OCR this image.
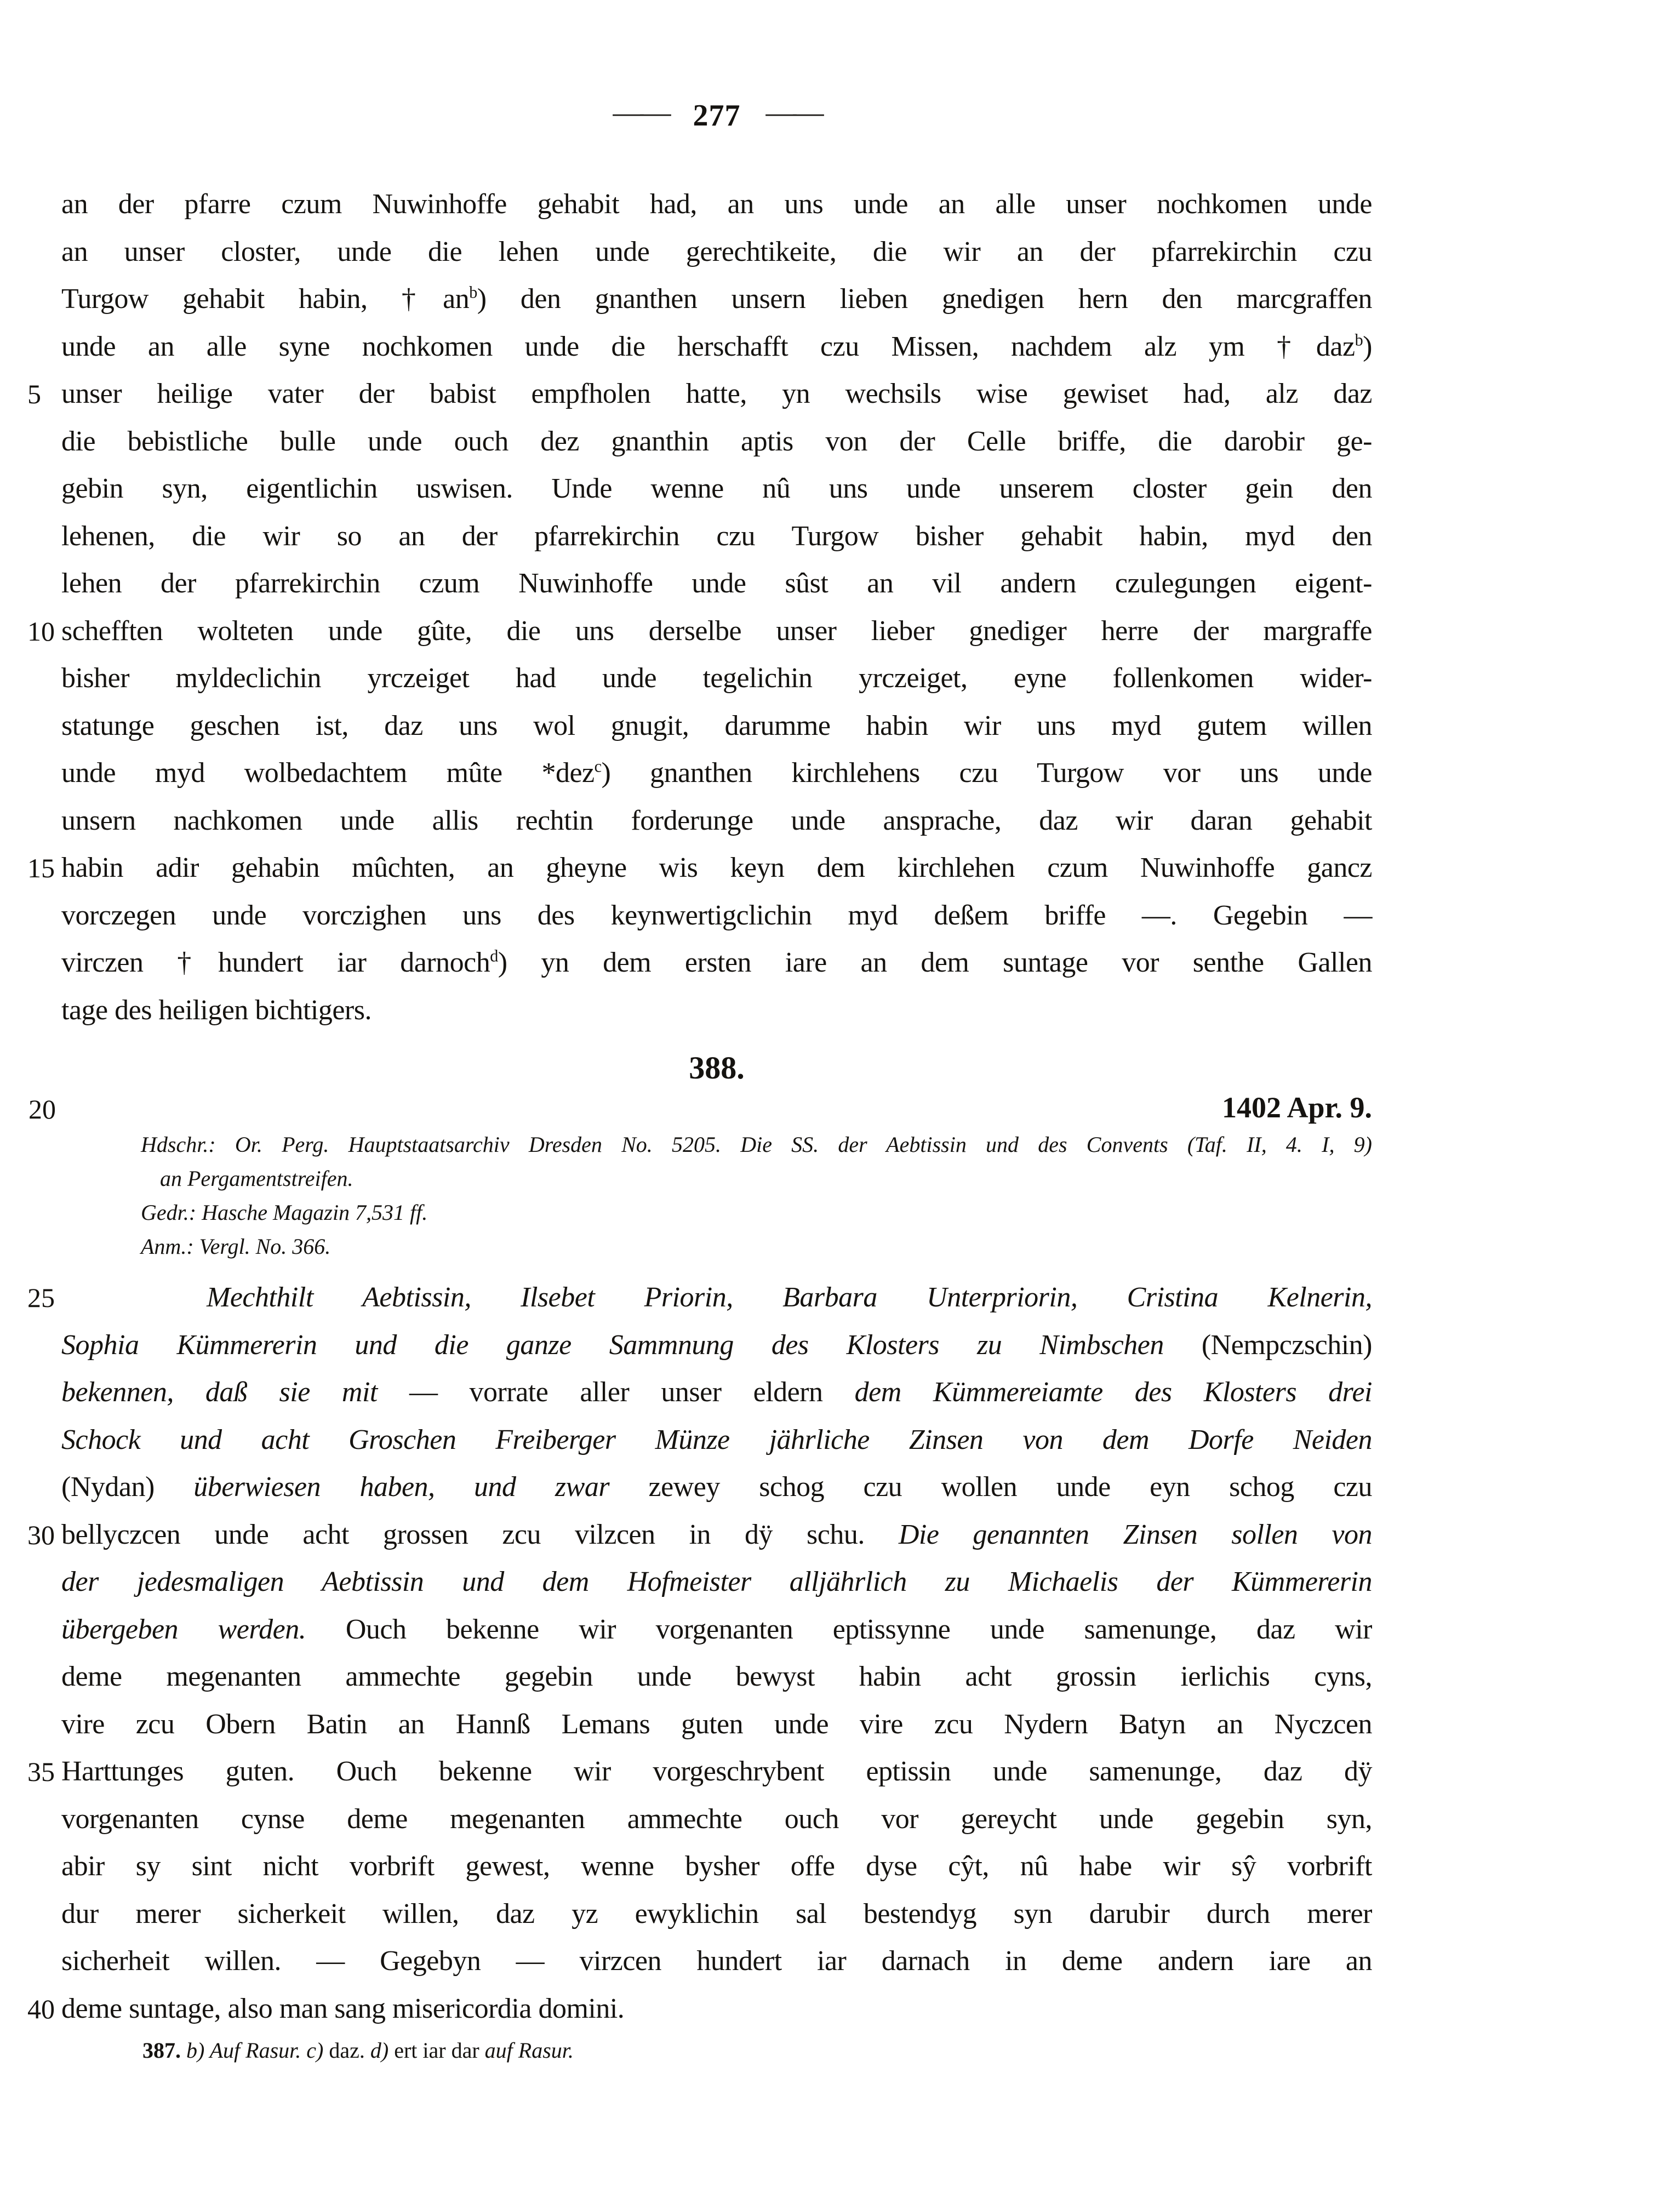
—— 277 ——
an der pfarre czum Nuwinhoffe gehabit had, an uns unde an alle unser nochkomen unde
an unser closter, unde die lehen unde gerechtikeite, die wir an der pfarrekirchin czu
Turgow gehabit habin, $\dagger an^b$) den gnanthen unsern lieben gnedigen hern den marcgraffen
unde an alle syne nochkomen unde die herschafft czu Missen, nachdem alz ym †daz$^b$)
5 unser heilige vater der babist empfholen hatte, yn wechsils wise gewiset had, alz daz
die bebistliche bulle unde ouch dez gnanthin aptis von der Celle briffe, die darobir ge-
gebin syn, eigentlichin uswisen. Unde wenne nû uns unde unserem closter gein den
lehenen, die wir so an der pfarrekirchin czu Turgow bisher gehabit habin, myd den
lehen der pfarrekirchin czum Nuwinhoffe unde sûst an vil andern czulegungen eigent-
10 schefften wolteten unde gûte, die uns derselbe unser lieber gnediger herre der margraffe
bisher myldeclichin yrczeiget had unde tegelichin yrczeiget, eyne follenkomen wider-
statunge geschen ist, daz uns wol gnugit, darumme habin wir uns myd gutem willen
unde myd wolbedachtem mûte *dez$^c$) gnanthen kirchlehens czu Turgow vor uns unde
unsern nachkomen unde allis rechtin forderunge unde ansprache, daz wir daran gehabit
15 habin adir gehabin mûchten, an gheyne wis keyn dem kirchlehen czum Nuwinhoffe gancz
vorczegen unde vorczighen uns des keynwertigclichin myd deßem briffe —. Gegebin —
virczen †hundert iar darnoch$^d$) yn dem ersten iare an dem suntage vor senthe Gallen
tage des heiligen bichtigers.
388.
20	1402 Apr. 9.
Hdschr.: Or. Perg. Hauptstaatsarchiv Dresden No. 5205. Die SS. der Aebtissin und des Convents (Taf. II, 4. I, 9)
an Pergamentstreifen.
Gedr.: Hasche Magazin 7,531 ff.
Anm.: Vergl. No. 366.
25	Mechthilt Aebtissin, Ilsebet Priorin, Barbara Unterpriorin, Cristina Kelnerin,
Sophia Kümmererin und die ganze Sammnung des Klosters zu Nimbschen (Nempczschin)
bekennen, daß sie mit — vorrate aller unser eldern dem Kümmereiamte des Klosters drei
Schock und acht Groschen Freiberger Münze jährliche Zinsen von dem Dorfe Neiden
(Nydan) überwiesen haben, und zwar zewey schog czu wollen unde eyn schog czu
30 bellyczcen unde acht grossen zcu vilzcen in dÿ schu. Die genannten Zinsen sollen von
der jedesmaligen Aebtissin und dem Hofmeister alljährlich zu Michaelis der Kümmererin
übergeben werden. Ouch bekenne wir vorgenanten eptissynne unde samenunge, daz wir
deme megenanten ammechte gegebin unde bewyst habin acht grossin ierlichis cyns,
vire zcu Obern Batin an Hannß Lemans guten unde vire zcu Nydern Batyn an Nyczcen
35 Harttunges guten. Ouch bekenne wir vorgeschrybent eptissin unde samenunge, daz dÿ
vorgenanten cynse deme megenanten ammechte ouch vor gereycht unde gegebin syn,
abir sy sint nicht vorbrift gewest, wenne bysher offe dyse cŷt, nû habe wir sŷ vorbrift
dur merer sicherkeit willen, daz yz ewyklichin sal bestendyg syn darubir durch merer
sicherheit willen. — Gegebyn — virzcen hundert iar darnach in deme andern iare an
40 deme suntage, also man sang misericordia domini.
387. b) Auf Rasur. c) daz. d) ert iar dar auf Rasur.
